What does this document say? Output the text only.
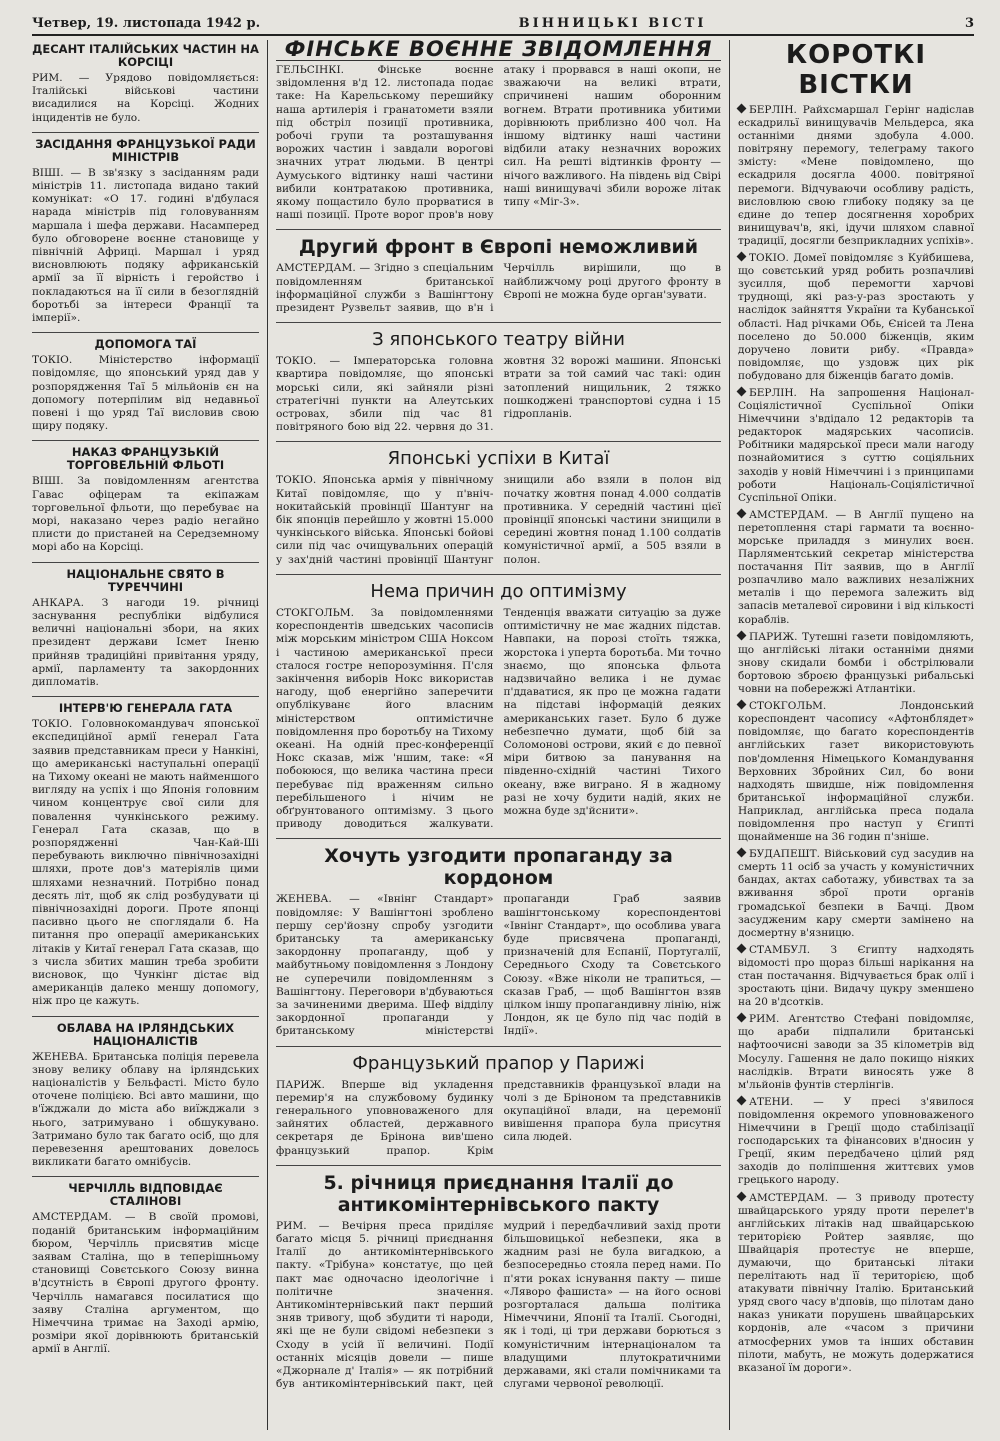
Четвер, 19. листопада 1942 р.	ВІННИЦЬКІ ВІСТІ	3
ДЕСАНТ ІТАЛІЙСЬКИХ ЧАСТИН НА КОРСІЦІ

РИМ. — Урядово повідомляється: Італійські військові частини висадилися на Корсіці. Жодних інцидентів не було.

ЗАСІДАННЯ ФРАНЦУЗЬКОЇ РАДИ МІНІСТРІВ

ВІШІ. — В зв'язку з засіданням ради міністрів 11. листопада видано такий комунікат: «О 17. годині в'дбулася нарада міністрів під головуванням маршала і шефа держави. Насамперед було обговорене воєнне становище у північній Африці. Маршал і уряд висновлюють подяку африканській армії за її вірність і геройство і покладаються на її сили в безоглядній боротьбі за інтереси Франції та імперії».

ДОПОМОГА ТАЇ

ТОКІО. Міністерство інформації повідомляє, що японський уряд дав у розпорядження Таї 5 мільйонів єн на допомогу потерпілим від недавньої повені і що уряд Таї висловив свою щиру подяку.

НАКАЗ ФРАНЦУЗЬКІЙ ТОРГОВЕЛЬНІЙ ФЛЬОТІ

ВІШІ. За повідомленням агентства Гавас офіцерам та екіпажам торговельної фльоти, що перебуває на морі, наказано через радіо негайно плисти до пристаней на Середземному морі або на Корсіці.

НАЦІОНАЛЬНЕ СВЯТО В ТУРЕЧЧИНІ

АНКАРА. З нагоди 19. річниці заснування республіки відбулися величні національні збори, на яких президент держави Ісмет Іненю прийняв традиційні привітання уряду, армії, парламенту та закордонних дипломатів.

ІНТЕРВ'Ю ГЕНЕРАЛА ГАТА

ТОКІО. Головнокомандувач японської експедиційної армії генерал Гата заявив представникам преси у Нанкіні, що американські наступальні операції на Тихому океані не мають найменшого вигляду на успіх і що Японія головним чином концентрує свої сили для повалення чункінського режиму. Генерал Гата сказав, що в розпорядженні Чан-Кай-Ші перебувають виключно північнозахідні шляхи, проте дов'з матеріялів цими шляхами незначний. Потрібно понад десять літ, щоб як слід розбудувати ці північнозахідні дороги. Проте японці пасивно цього не споглядали б. На питання про операції американських літаків у Китаї генерал Гата сказав, що з числа збитих машин треба зробити висновок, що Чункінг дістає від американців далеко меншу допомогу, ніж про це кажуть.

ОБЛАВА НА ІРЛЯНДСЬКИХ НАЦІОНАЛІСТІВ

ЖЕНЕВА. Британська поліція перевела знову велику облаву на ірляндських націоналістів у Бельфасті. Місто було оточене поліцією. Всі авто машини, що в'їжджали до міста або виїжджали з нього, затримувано і обшукувано. Затримано було так багато осіб, що для перевезення арештованих довелось викликати багато омнібусів.

ЧЕРЧІЛЛЬ ВІДПОВІДАЄ СТАЛІНОВІ

АМСТЕРДАМ. — В своїй промові, поданій британським інформаційним бюром, Черчілль присвятив місце заявам Сталіна, що в теперішньому становищі Совєтського Союзу винна в'дсутність в Європі другого фронту. Черчілль намагався посилатися що заяву Сталіна аргументом, що Німеччина тримає на Заході армію, розміри якої дорівнюють британській армії в Англії.

ФІНСЬКЕ ВОЄННЕ ЗВІДОМЛЕННЯ

ГЕЛЬСІНКІ. Фінське воєнне звідомлення в'д 12. листопада подає таке: На Карельському перешийку наша артилерія і гранатомети взяли під обстріл позиції противника, робочі групи та розташування ворожих частин і завдали ворогові значних утрат людьми. В центрі Аумуського відтинку наші частини вибили контратакою противника, якому пощастило було прорватися в наші позиції. Проте ворог пров'в нову атаку і прорвався в наші окопи, не зважаючи на великі втрати, спричинені нашим оборонним вогнем. Втрати противника убитими дорівнюють приблизно 400 чол. На іншому відтинку наші частини відбили атаку незначних ворожих сил. На решті відтинків фронту — нічого важливого. На південь від Свірі наші винищувачі збили вороже літак типу «Міг-3».

Другий фронт в Європі неможливий

АМСТЕРДАМ. — Згідно з спеціальним повідомленням британської інформаційної служби з Вашінгтону президент Рузвельт заявив, що в'н і Черчілль вирішили, що в найближчому році другого фронту в Європі не можна буде орган'зувати.

З японського театру війни

ТОКІО. — Імператорська головна квартира повідомляє, що японські морські сили, які зайняли різні стратегічні пункти на Алеутських островах, збили під час 81 повітряного бою від 22. червня до 31. жовтня 32 ворожі машини. Японські втрати за той самий час такі: один затоплений нищильник, 2 тяжко пошкоджені транспортові судна і 15 гідропланів.

Японські успіхи в Китаї

ТОКІО. Японська армія у північному Китаї повідомляє, що у п'вніч-нокитайській провінції Шантунг на бік японців перейшло у жовтні 15.000 чункінського війська. Японські бойові сили під час очищувальних операцій у зах'дній частині провінції Шантунг знищили або взяли в полон від початку жовтня понад 4.000 солдатів противника. У середній частині цієї провінції японські частини знищили в середині жовтня понад 1.100 солдатів комуністичної армії, а 505 взяли в полон.

Нема причин до оптимізму

СТОКГОЛЬМ. За повідомленнями кореспондентів шведських часописів між морським міністром США Ноксом і частиною американської преси сталося гостре непорозуміння. П'сля закінчення виборів Нокс використав нагоду, щоб енергійно заперечити опублікуванє його власним міністерством оптимістичне повідомлення про боротьбу на Тихому океані. На одній прес-конференції Нокс сказав, між 'ншим, таке: «Я побоююся, що велика частина преси перебуває під враженням сильно перебільшеного і нічим не обґрунтованого оптимізму. З цього приводу доводиться жалкувати. Тенденція вважати ситуацію за дуже оптимістичну не має жадних підстав. Навпаки, на порозі стоїть тяжка, жорстока і уперта боротьба. Ми точно знаємо, що японська фльота надзвичайно велика і не думає п'ддаватися, як про це можна гадати на підставі інформацій деяких американських газет. Було б дуже небезпечно думати, щоб бій за Соломонові острови, який є до певної міри битвою за панування на південно-східній частині Тихого океану, вже виграно. Я в жадному разі не хочу будити надій, яких не можна буде зд'йснити».

Хочуть узгодити пропаганду за кордоном

ЖЕНЕВА. — «Івнінг Стандарт» повідомляє: У Вашінгтоні зроблено першу сер'йозну спробу узгодити британську та американську закордонну пропаганду, щоб у майбутньому повідомлення з Лондону не суперечили повідомленням з Вашінгтону. Переговори в'дбуваються за зачиненими дверима. Шеф відділу закордонної пропаганди у британському міністерстві пропаганди Граб заявив вашінгтонському кореспондентові «Івнінг Стандарт», що особлива увага буде присвячена пропаганді, призначеній для Еспанії, Португалії, Середнього Сходу та Совєтського Союзу. «Вже ніколи не трапиться, — сказав Граб, — щоб Вашінгтон взяв цілком іншу пропагандивну лінію, ніж Лондон, як це було під час подій в Індії».

Французький прапор у Парижі

ПАРИЖ. Вперше від укладення перемир'я на службовому будинку генерального уповноваженого для зайнятих областей, державного секретаря де Брінона вив'шено французький прапор. Крім представників французької влади на чолі з де Бріноном та представників окупаційної влади, на церемонії вивішення прапора була присутня сила людей.

5. річниця приєднання Італії до антикомінтернівського пакту

РИМ. — Вечірня преса приділяє багато місця 5. річниці приєднання Італії до антикомінтернівського пакту. «Трібуна» констатує, що цей пакт має одночасно ідеологічне і політичне значення. Антикомінтернівський пакт перший зняв тривогу, щоб збудити ті народи, які ще не були свідомі небезпеки з Сходу в усій її величині. Події останніх місяців довели — пише «Джорнале д' Італія» — як потрібний був антикомінтернівський пакт, цей мудрий і передбачливий захід проти більшовицької небезпеки, яка в жадним разі не була вигадкою, а безпосередньо стояла перед нами. По п'яти роках існування пакту — пише «Ляворо фашиста» — на його основі розгорталася дальша політика Німеччини, Японії та Італії. Сьогодні, як і тоді, ці три держави борються з комуністичним інтернаціоналом та владущими плутократичними державами, які стали помічниками та слугами червоної революції.

КОРОТКІ ВІСТКИ

БЕРЛІН. Райхсмаршал Герінг надіслав ескадрильї винищувачів Мельдерса, яка останніми днями здобула 4.000. повітряну перемогу, телеграму такого змісту: «Мене повідомлено, що ескадриля досягла 4000. повітряної перемоги. Відчуваючи особливу радість, висловлюю свою глибоку подяку за це єдине до тепер досягнення хоробрих винищувач'в, які, ідучи шляхом славної традиції, досягли безприкладних успіхів».

ТОКІО. Домеї повідомляє з Куйбишева, що совєтський уряд робить розпачливі зусилля, щоб перемогти харчові труднощі, які раз-у-раз зростають у наслідок зайняття України та Кубанської області. Над річками Обь, Єнісей та Лена поселено до 50.000 біженців, яким доручено ловити рибу. «Правда» повідомляє, що уздовж цих рік побудовано для біженців багато домів.

БЕРЛІН. На запрошення Націонал-Соціялістичної Суспільної Опіки Німеччини з'вдідало 12 редакторів та редакторок мадярських часописів. Робітники мадярської преси мали нагоду познайомитися з суттю соціяльних заходів у новій Німеччині і з принципами роботи Національ-Соціялістичної Суспільної Опіки.

АМСТЕРДАМ. — В Англії пущено на перетоплення старі гармати та воєнно-морське приладдя з минулих воєн. Парляментський секретар міністерства постачання Піт заявив, що в Англії розпачливо мало важливих незаліжних металів і що перемога залежить від запасів металевої сировини і від кількості кораблів.

ПАРИЖ. Тутешні газети повідомляють, що англійські літаки останніми днями знову скидали бомби і обстрілювали бортовою зброєю французькі рибальські човни на побережжі Атлантіки.

СТОКГОЛЬМ. Лондонський кореспондент часопису «Афтонблядет» повідомляє, що багато кореспондентів англійських газет використовують пов'домлення Німецького Командування Верховних Збройних Сил, бо вони надходять швидше, ніж повідомлення британської інформаційної служби. Наприклад, англійська преса подала повідомлення про наступ у Єгипті щонайменше на 36 годин п'зніше.

БУДАПЕШТ. Військовий суд засудив на смерть 11 осіб за участь у комуністичних бандах, актах саботажу, убивствах та за вживання зброї проти органів громадської безпеки в Бачці. Двом засудженим кару смерти замінено на досмертну в'язницю.

СТАМБУЛ. З Єгипту надходять відомості про щораз більші нарікання на стан постачання. Відчувається брак олії і зростають ціни. Видачу цукру зменшено на 20 в'дсотків.

РИМ. Агентство Стефані повідомляє, що араби підпалили британські нафтоочисні заводи за 35 кілометрів від Мосулу. Гашення не дало покищо ніяких наслідків. Втрати виносять уже 8 м'льйонів фунтів стерлінгів.

АТЕНИ. — У пресі з'явилося повідомлення окремого уповноваженого Німеччини в Греції щодо стабілізації господарських та фінансових в'дносин у Греції, яким передбачено цілий ряд заходів до поліпшення життєвих умов грецького народу.

АМСТЕРДАМ. — З приводу протесту швайцарського уряду проти перелет'в англійських літаків над швайцарською територією Ройтер заявляє, що Швайцарія протестує не вперше, думаючи, що британські літаки перелітають над її територією, щоб атакувати північну Італію. Британський уряд свого часу в'дповів, що пілотам дано наказ уникати порушень швайцарських кордонів, але «часом з причини атмосферних умов та інших обставин пілоти, мабуть, не можуть додержатися вказаної їм дороги».
